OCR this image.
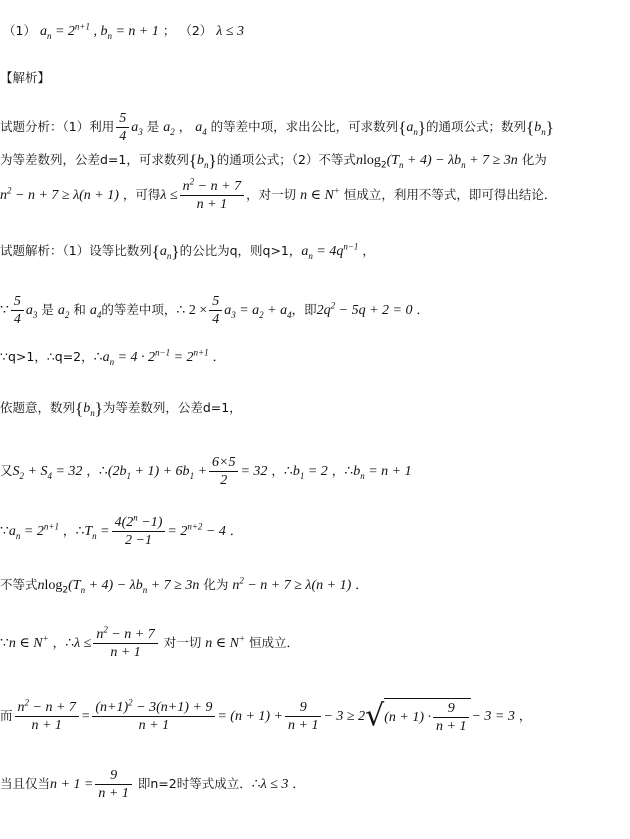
（1） $a_n = 2^{n+1}$ , $b_n = n + 1$ ； （2） λ ≤ 3
【解析】
试题分析：（1）利用 $\frac{5}{4} a_3$ 是 $a_2$ ， $a_4$ 的等差中项，求出公比，可求数列$\{a_n\}$的通项公式；数列$\{b_n\}$
为等差数列，公差d=1，可求数列$\{b_n\}$的通项公式；（2）不等式$nlog_2(T_n + 4) - \lambda b_n + 7 \ge 3n$ 化为
$n^2 - n + 7 \ge \lambda(n + 1)$ ，可得$\lambda \le \frac{n^2 - n + 7}{n + 1}$ ，对一切 n ∈ N+ 恒成立，利用不等式，即可得出结论．
试题解析：（1）设等比数列$\{a_n\}$的公比为q，则q>1，$a_n = 4q^{n-1}$ ，
∵ $\frac{5}{4} a_3$ 是 $a_2$ 和 $a_4$的等差中项，∴ $2 \times \frac{5}{4} a_3 = a_2 + a_4$，即$2q^2 - 5q + 2 = 0$ ．
∵q>1，∴q=2，$\therefore a_n = 4 \cdot 2^{n-1} = 2^{n+1}$ ．
依题意，数列$\{b_n\}$为等差数列，公差d=1，
又$S_2 + S_4 = 32$ ，$\therefore(2b_1 + 1) + 6b_1 + \frac{6\times 5}{2} = 32$ ，$\therefore b_1 = 2$ ，$\therefore b_n = n + 1$
$\because a_n = 2^{n+1}$ ，$\therefore T_n = \frac{4(2^n -1)}{2 -1} = 2^{n+2} - 4$ ．
不等式$nlog_2(T_n + 4) - \lambda b_n + 7 \ge 3n$ 化为 $n^2 - n + 7 \ge \lambda(n + 1)$ ．
∵n ∈ N+ ，∴λ ≤ $\frac{n^2 - n + 7}{n + 1}$ 对一切 n ∈ N+ 恒成立．
而 $\frac{n^2 - n + 7}{n + 1} = \frac{(n+1)^2 - 3(n+1) + 9}{n + 1} = (n + 1) + \frac{9}{n + 1} - 3 \ge 2√(n + 1) \cdot \frac{9}{n + 1} - 3 = 3$ ，
当且仅当$n + 1 = \frac{9}{n + 1}$ 即n=2时等式成立．∴λ ≤ 3 ．
